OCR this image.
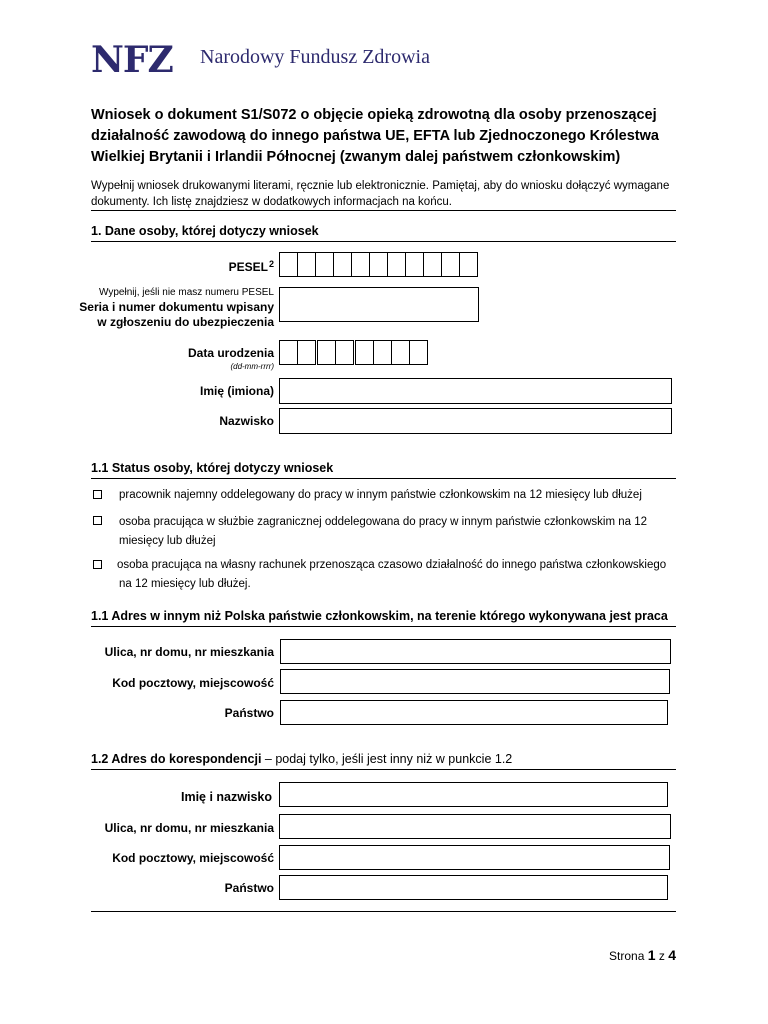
NFZ Narodowy Fundusz Zdrowia
Wniosek o dokument S1/S072 o objęcie opieką zdrowotną dla osoby przenoszącej działalność zawodową do innego państwa UE, EFTA lub Zjednoczonego Królestwa Wielkiej Brytanii i Irlandii Północnej (zwanym dalej państwem członkowskim)
Wypełnij wniosek drukowanymi literami, ręcznie lub elektronicznie. Pamiętaj, aby do wniosku dołączyć wymagane dokumenty. Ich listę znajdziesz w dodatkowych informacjach na końcu.
1. Dane osoby, której dotyczy wniosek
PESEL$^2$
Wypełnij, jeśli nie masz numeru PESEL
Seria i numer dokumentu wpisany
w zgłoszeniu do ubezpieczenia
Data urodzenia
(dd-mm-rrrr)
Imię (imiona)
Nazwisko
1.1 Status osoby, której dotyczy wniosek
pracownik najemny oddelegowany do pracy w innym państwie członkowskim na 12 miesięcy lub dłużej
osoba pracująca w służbie zagranicznej oddelegowana do pracy w innym państwie członkowskim na 12
miesięcy lub dłużej
osoba pracująca na własny rachunek przenosząca czasowo działalność do innego państwa członkowskiego
na 12 miesięcy lub dłużej.
1.1 Adres w innym niż Polska państwie członkowskim, na terenie którego wykonywana jest praca
Ulica, nr domu, nr mieszkania
Kod pocztowy, miejscowość
Państwo
1.2 Adres do korespondencji – podaj tylko, jeśli jest inny niż w punkcie 1.2
Imię i nazwisko
Ulica, nr domu, nr mieszkania
Kod pocztowy, miejscowość
Państwo
Strona 1 z 4
